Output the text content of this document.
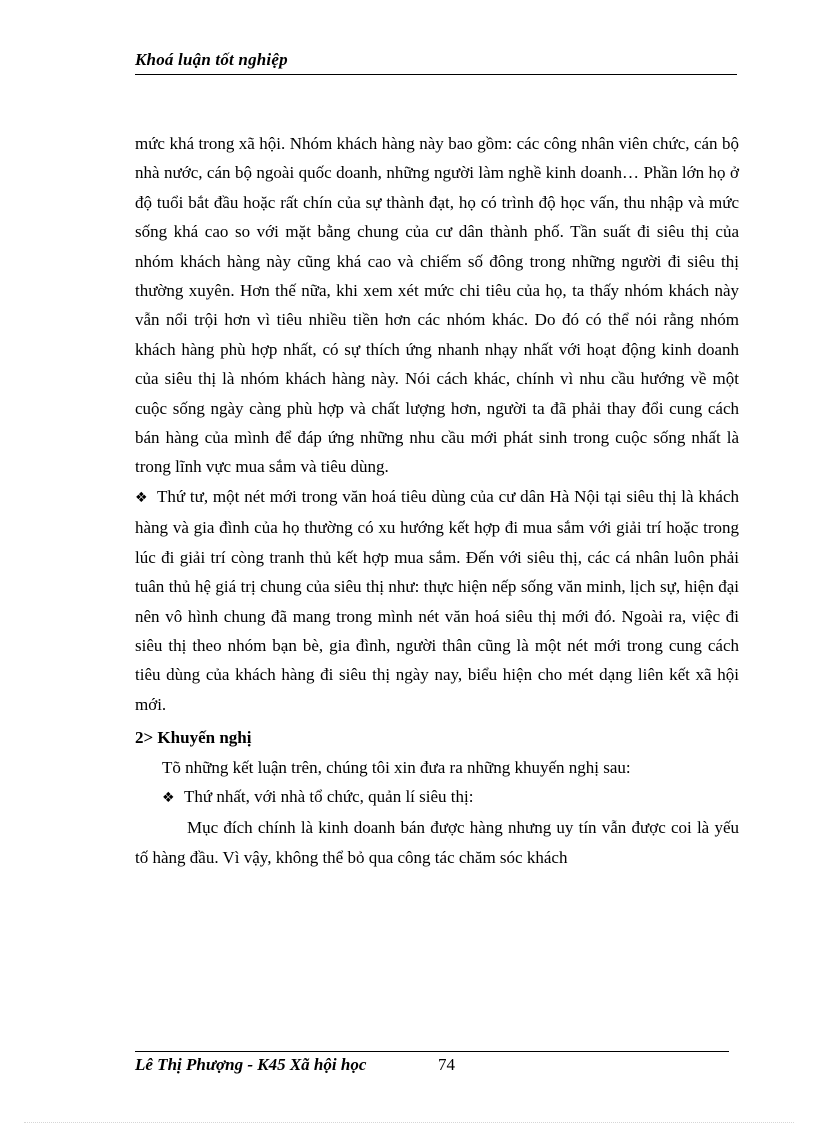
Khoá luận tốt nghiệp

mức khá trong xã hội. Nhóm khách hàng này bao gồm: các công nhân viên chức, cán bộ nhà nước, cán bộ ngoài quốc doanh, những người làm nghề kinh doanh… Phần lớn họ ở độ tuổi bắt đầu hoặc rất chín của sự thành đạt, họ có trình độ học vấn, thu nhập và mức sống khá cao so với mặt bằng chung của cư dân thành phố. Tần suất đi siêu thị của nhóm khách hàng này cũng khá cao và chiếm số đông trong những người đi siêu thị thường xuyên. Hơn thế nữa, khi xem xét mức chi tiêu của họ, ta thấy nhóm khách này vẫn nổi trội hơn vì tiêu nhiều tiền hơn các nhóm khác. Do đó có thể nói rằng nhóm khách hàng phù hợp nhất, có sự thích ứng nhanh nhạy nhất với hoạt động kinh doanh của siêu thị là nhóm khách hàng này. Nói cách khác, chính vì nhu cầu hướng về một cuộc sống ngày càng phù hợp và chất lượng hơn, người ta đã phải thay đổi cung cách bán hàng của mình để đáp ứng những nhu cầu mới phát sinh trong cuộc sống nhất là trong lĩnh vực mua sắm và tiêu dùng.

❖ Thứ tư, một nét mới trong văn hoá tiêu dùng của cư dân Hà Nội tại siêu thị là khách hàng và gia đình của họ thường có xu hướng kết hợp đi mua sắm với giải trí hoặc trong lúc đi giải trí còng tranh thủ kết hợp mua sắm. Đến với siêu thị, các cá nhân luôn phải tuân thủ hệ giá trị chung của siêu thị như: thực hiện nếp sống văn minh, lịch sự, hiện đại nên vô hình chung đã mang trong mình nét văn hoá siêu thị mới đó. Ngoài ra, việc đi siêu thị theo nhóm bạn bè, gia đình, người thân cũng là một nét mới trong cung cách tiêu dùng của khách hàng đi siêu thị ngày nay, biểu hiện cho mét dạng liên kết xã hội mới.

2> Khuyến nghị

Tõ những kết luận trên, chúng tôi xin đưa ra những khuyến nghị sau:

❖ Thứ nhất, với nhà tổ chức, quản lí siêu thị:

Mục đích chính là kinh doanh bán được hàng nhưng uy tín vẫn được coi là yếu tố hàng đầu. Vì vậy, không thể bỏ qua công tác chăm sóc khách

Lê Thị Phượng - K45 Xã hội học	74
